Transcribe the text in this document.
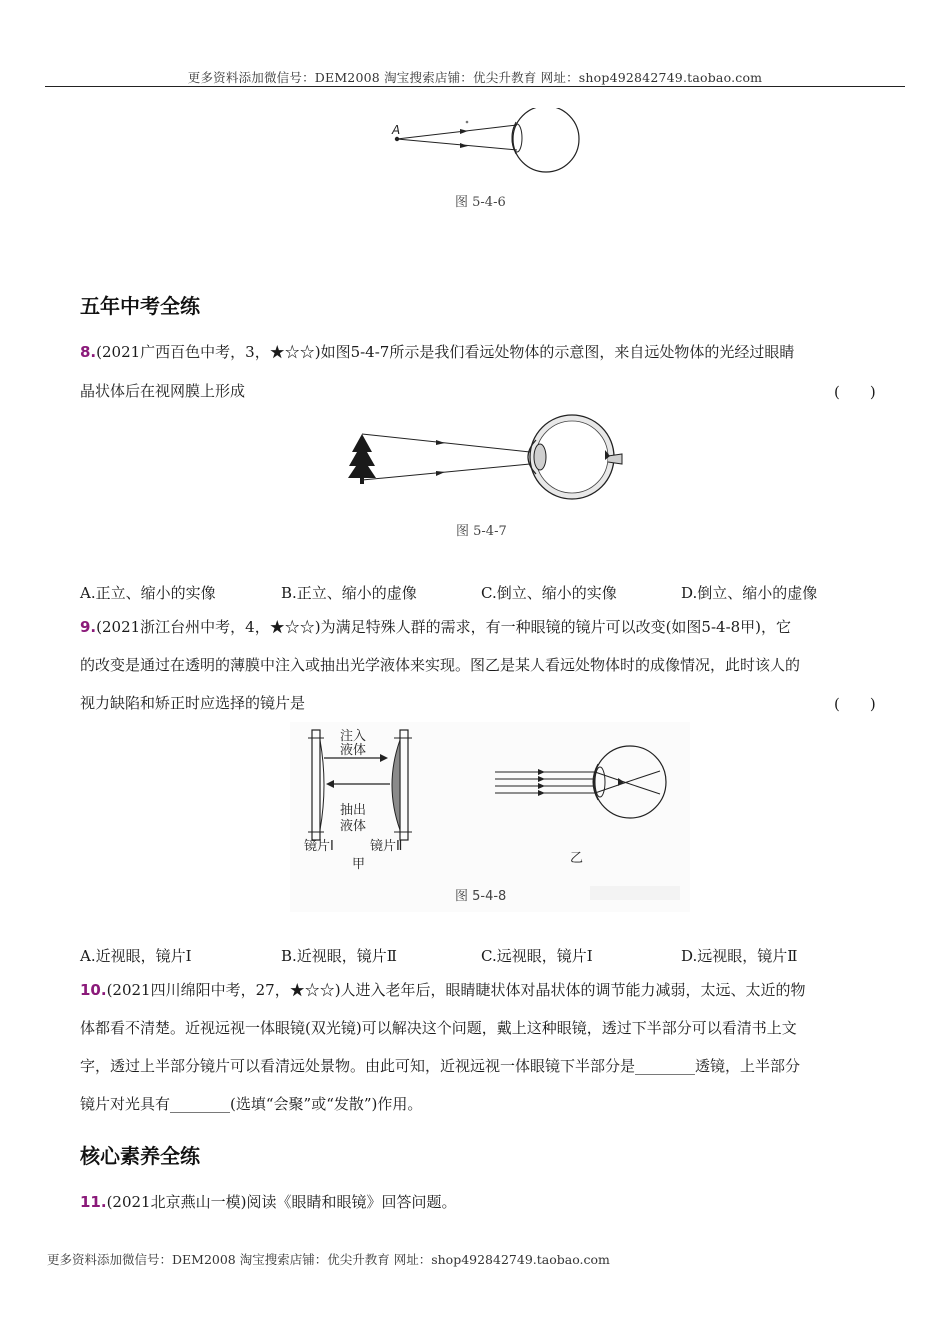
更多资料添加微信号：DEM2008 淘宝搜索店铺：优尖升教育 网址：shop492842749.taobao.com
A
图 5-4-6
五年中考全练
8.(2021广西百色中考，3，★☆☆)如图5-4-7所示是我们看远处物体的示意图，来自远处物体的光经过眼睛
晶状体后在视网膜上形成	(　　)
图 5-4-7
A.正立、缩小的实像	B.正立、缩小的虚像	C.倒立、缩小的实像	D.倒立、缩小的虚像
9.(2021浙江台州中考，4，★☆☆)为满足特殊人群的需求，有一种眼镜的镜片可以改变(如图5-4-8甲)，它
的改变是通过在透明的薄膜中注入或抽出光学液体来实现。图乙是某人看远处物体时的成像情况，此时该人的
视力缺陷和矫正时应选择的镜片是	(　　)
注入
液体
抽出
液体
镜片Ⅰ	镜片Ⅱ
甲	乙
图 5-4-8
A.近视眼，镜片Ⅰ	B.近视眼，镜片Ⅱ	C.远视眼，镜片Ⅰ	D.远视眼，镜片Ⅱ
10.(2021四川绵阳中考，27，★☆☆)人进入老年后，眼睛睫状体对晶状体的调节能力减弱，太远、太近的物
体都看不清楚。近视远视一体眼镜(双光镜)可以解决这个问题，戴上这种眼镜，透过下半部分可以看清书上文
字，透过上半部分镜片可以看清远处景物。由此可知，近视远视一体眼镜下半部分是________透镜，上半部分
镜片对光具有________(选填“会聚”或“发散”)作用。
核心素养全练
11.(2021北京燕山一模)阅读《眼睛和眼镜》回答问题。
更多资料添加微信号：DEM2008 淘宝搜索店铺：优尖升教育 网址：shop492842749.taobao.com
